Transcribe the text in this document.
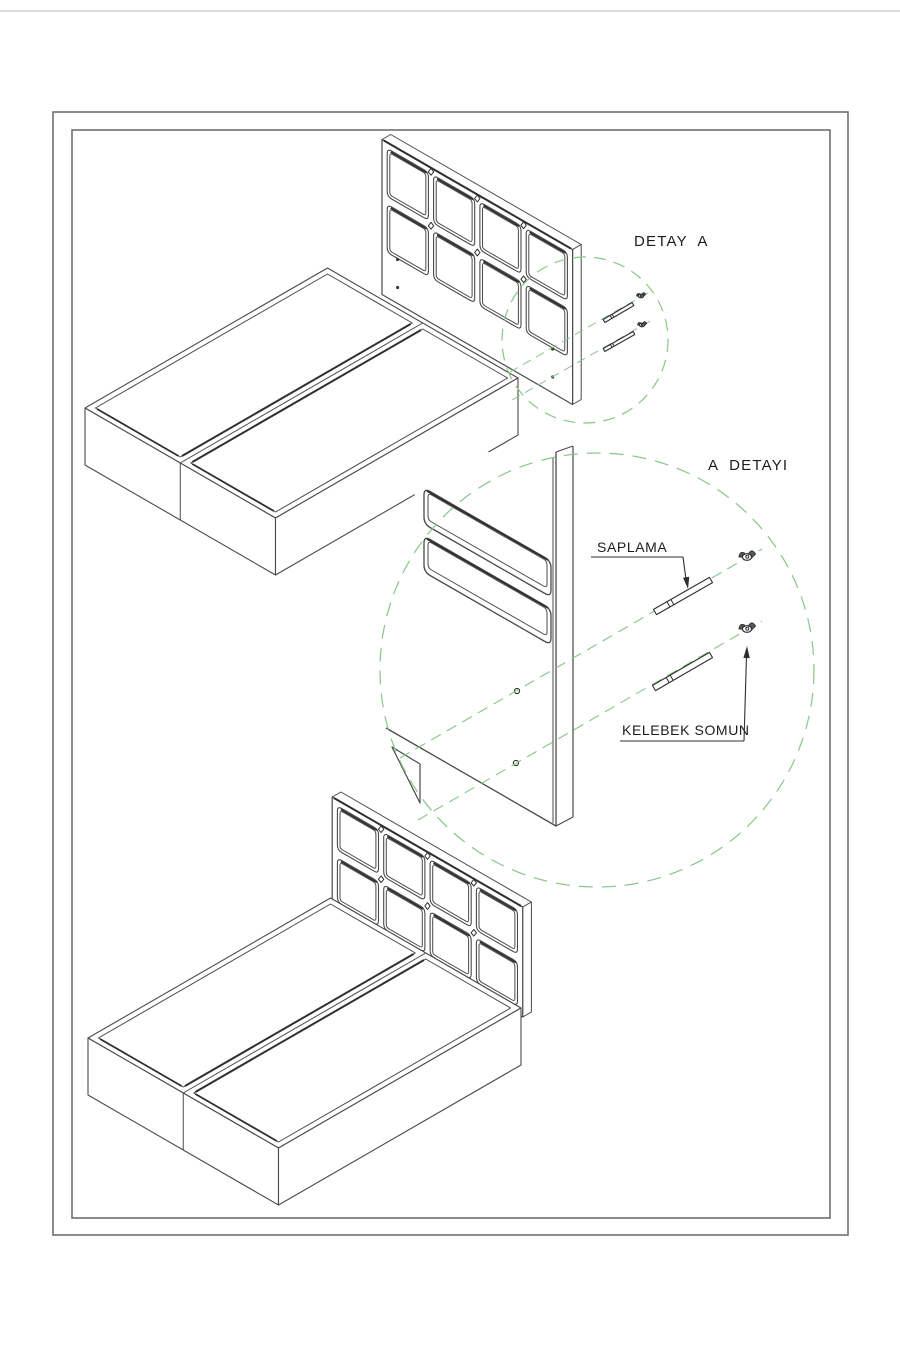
DETAY  A
A  DETAYI
SAPLAMA
KELEBEK SOMUN
